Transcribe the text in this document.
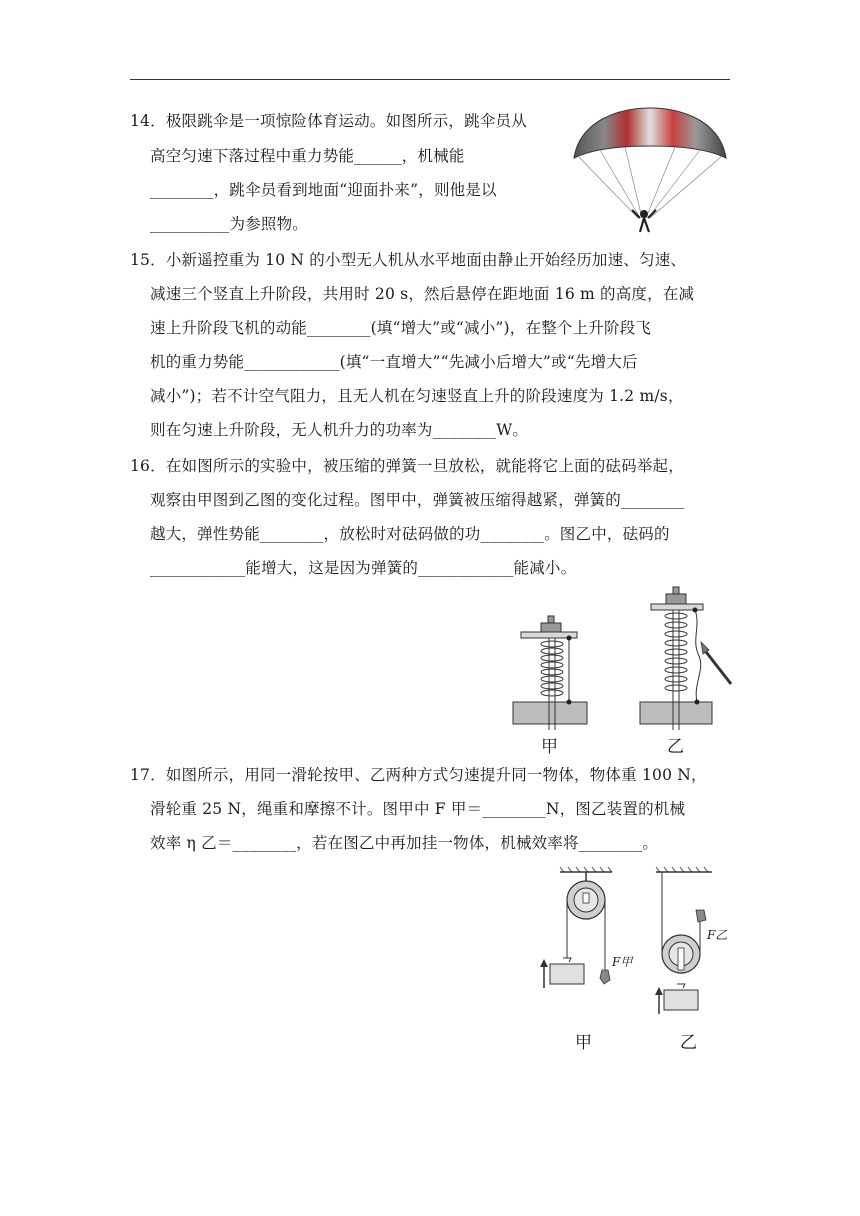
14．极限跳伞是一项惊险体育运动。如图所示，跳伞员从
高空匀速下落过程中重力势能______，机械能
________，跳伞员看到地面“迎面扑来”，则他是以
__________为参照物。
15．小新遥控重为 10 N 的小型无人机从水平地面由静止开始经历加速、匀速、
减速三个竖直上升阶段，共用时 20 s，然后悬停在距地面 16 m 的高度，在减
速上升阶段飞机的动能________(填“增大”或“减小”)，在整个上升阶段飞
机的重力势能____________(填“一直增大”“先减小后增大”或“先增大后
减小”)；若不计空气阻力，且无人机在匀速竖直上升的阶段速度为 1.2 m/s，
则在匀速上升阶段，无人机升力的功率为________W。
16．在如图所示的实验中，被压缩的弹簧一旦放松，就能将它上面的砝码举起，
观察由甲图到乙图的变化过程。图甲中，弹簧被压缩得越紧，弹簧的________
越大，弹性势能________，放松时对砝码做的功________。图乙中，砝码的
____________能增大，这是因为弹簧的____________能减小。
甲	乙
17．如图所示，用同一滑轮按甲、乙两种方式匀速提升同一物体，物体重 100 N，
滑轮重 25 N，绳重和摩擦不计。图甲中 F 甲＝________N，图乙装置的机械
效率 η 乙＝________，若在图乙中再加挂一物体，机械效率将________。
F甲
F乙
甲	乙
